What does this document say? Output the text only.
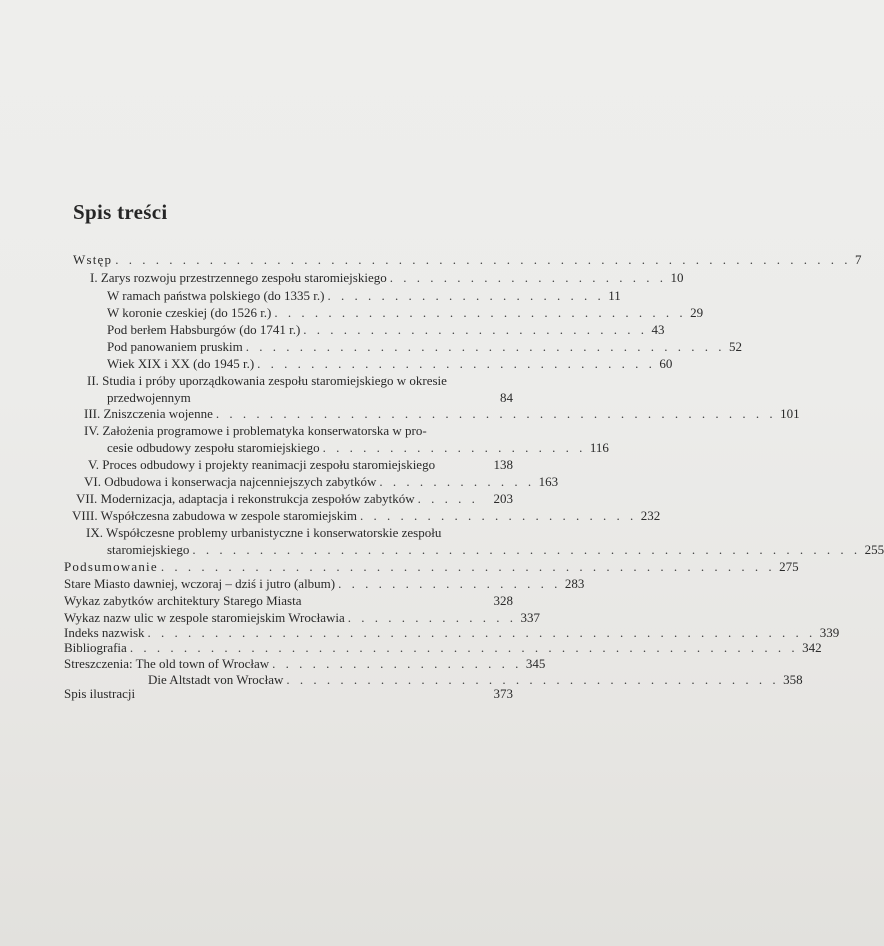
Spis treści
Wstęp . . . . . . . . . . . . . . . . . . . . . . . . . . . . . . . . . . . . . . . . . . . . . . . . . . . . . . . 7
I. Zarys rozwoju przestrzennego zespołu staromiejskiego . . . . . . . . . . . . . . . . . . . . . 10
W ramach państwa polskiego (do 1335 r.) . . . . . . . . . . . . . . . . . . . . . 11
W koronie czeskiej (do 1526 r.) . . . . . . . . . . . . . . . . . . . . . . . . . . . . . . . 29
Pod berłem Habsburgów (do 1741 r.) . . . . . . . . . . . . . . . . . . . . . . . . . . 43
Pod panowaniem pruskim . . . . . . . . . . . . . . . . . . . . . . . . . . . . . . . . . . . . 52
Wiek XIX i XX (do 1945 r.) . . . . . . . . . . . . . . . . . . . . . . . . . . . . . . 60
II. Studia i próby uporządkowania zespołu staromiejskiego w okresie
przedwojennym	84
III. Zniszczenia wojenne . . . . . . . . . . . . . . . . . . . . . . . . . . . . . . . . . . . . . . . . . . 101
IV. Założenia programowe i problematyka konserwatorska w pro-
cesie odbudowy zespołu staromiejskiego . . . . . . . . . . . . . . . . . . . . 116
V. Proces odbudowy i projekty reanimacji zespołu staromiejskiego	138
VI. Odbudowa i konserwacja najcenniejszych zabytków . . . . . . . . . . . . 163
VII. Modernizacja, adaptacja i rekonstrukcja zespołów zabytków . . . . .	203
VIII. Współczesna zabudowa w zespole staromiejskim . . . . . . . . . . . . . . . . . . . . . 232
IX. Współczesne problemy urbanistyczne i konserwatorskie zespołu
staromiejskiego . . . . . . . . . . . . . . . . . . . . . . . . . . . . . . . . . . . . . . . . . . . . . . . . . . 255
Podsumowanie . . . . . . . . . . . . . . . . . . . . . . . . . . . . . . . . . . . . . . . . . . . . . . 275
Stare Miasto dawniej, wczoraj – dziś i jutro (album) . . . . . . . . . . . . . . . . . 283
Wykaz zabytków architektury Starego Miasta	328
Wykaz nazw ulic w zespole staromiejskim Wrocławia . . . . . . . . . . . . . 337
Indeks nazwisk . . . . . . . . . . . . . . . . . . . . . . . . . . . . . . . . . . . . . . . . . . . . . . . . . . 339
Bibliografia . . . . . . . . . . . . . . . . . . . . . . . . . . . . . . . . . . . . . . . . . . . . . . . . . . 342
Streszczenia: The old town of Wrocław . . . . . . . . . . . . . . . . . . . 345
Die Altstadt von Wrocław . . . . . . . . . . . . . . . . . . . . . . . . . . . . . . . . . . . . . 358
Spis ilustracji	373
